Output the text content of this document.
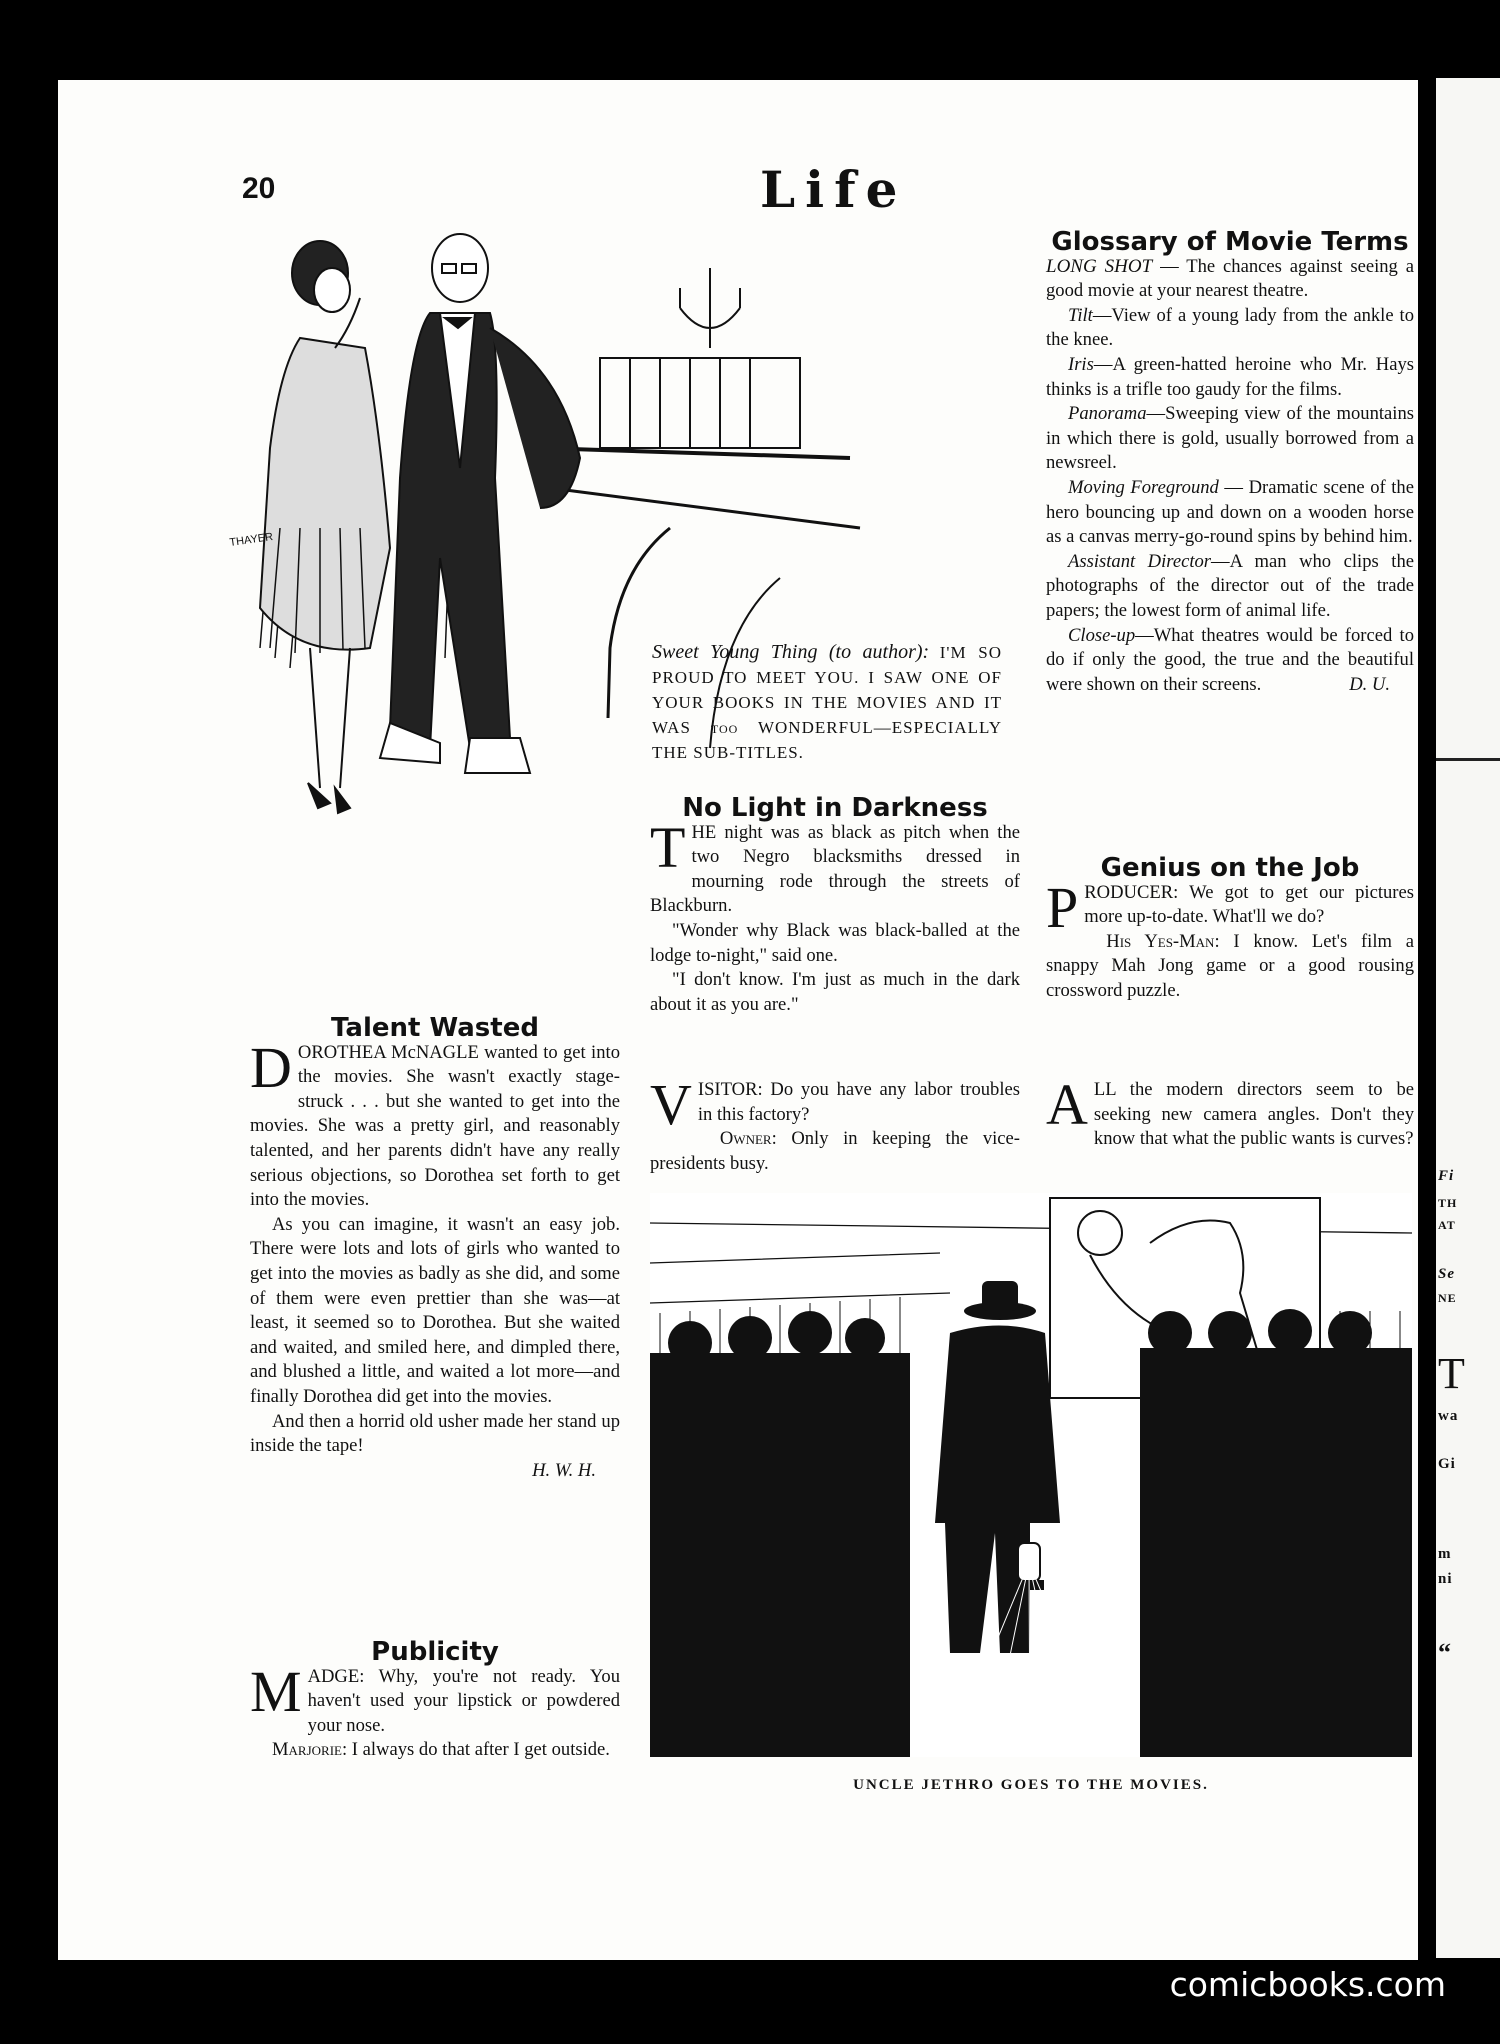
Fi
TH
AT
Se
NE
T
wa
Gi
m
ni
“
20	Life
THAYER
Sweet Young Thing (to author): I'M SO PROUD TO MEET YOU. I SAW ONE OF YOUR BOOKS IN THE MOVIES AND IT WAS too WONDERFUL—ESPECIALLY THE SUB-TITLES.
Glossary of Movie Terms

LONG SHOT — The chances against seeing a good movie at your nearest theatre.

Tilt—View of a young lady from the ankle to the knee.

Iris—A green-hatted heroine who Mr. Hays thinks is a trifle too gaudy for the films.

Panorama—Sweeping view of the mountains in which there is gold, usually borrowed from a newsreel.

Moving Foreground — Dramatic scene of the hero bouncing up and down on a wooden horse as a canvas merry-go-round spins by behind him.

Assistant Director—A man who clips the photographs of the director out of the trade papers; the lowest form of animal life.

Close-up—What theatres would be forced to do if only the good, the true and the beautiful were shown on their screens.	D. U.

No Light in Darkness

THE night was as black as pitch when the two Negro blacksmiths dressed in mourning rode through the streets of Blackburn.

"Wonder why Black was black-balled at the lodge to-night," said one.

"I don't know. I'm just as much in the dark about it as you are."

VISITOR: Do you have any labor troubles in this factory?

Owner: Only in keeping the vice-presidents busy.

Genius on the Job

PRODUCER: We got to get our pictures more up-to-date. What'll we do?

His Yes-Man: I know. Let's film a snappy Mah Jong game or a good rousing crossword puzzle.

ALL the modern directors seem to be seeking new camera angles. Don't they know that what the public wants is curves?

Talent Wasted

DOROTHEA McNAGLE wanted to get into the movies. She wasn't exactly stage-struck . . . but she wanted to get into the movies. She was a pretty girl, and reasonably talented, and her parents didn't have any really serious objections, so Dorothea set forth to get into the movies.

As you can imagine, it wasn't an easy job. There were lots and lots of girls who wanted to get into the movies as badly as she did, and some of them were even prettier than she was—at least, it seemed so to Dorothea. But she waited and waited, and smiled here, and dimpled there, and blushed a little, and waited a lot more—and finally Dorothea did get into the movies.

And then a horrid old usher made her stand up inside the tape!

H. W. H.

Publicity

MADGE: Why, you're not ready. You haven't used your lipstick or powdered your nose.

Marjorie: I always do that after I get outside.

UNCLE JETHRO GOES TO THE MOVIES.
comicbooks.com
